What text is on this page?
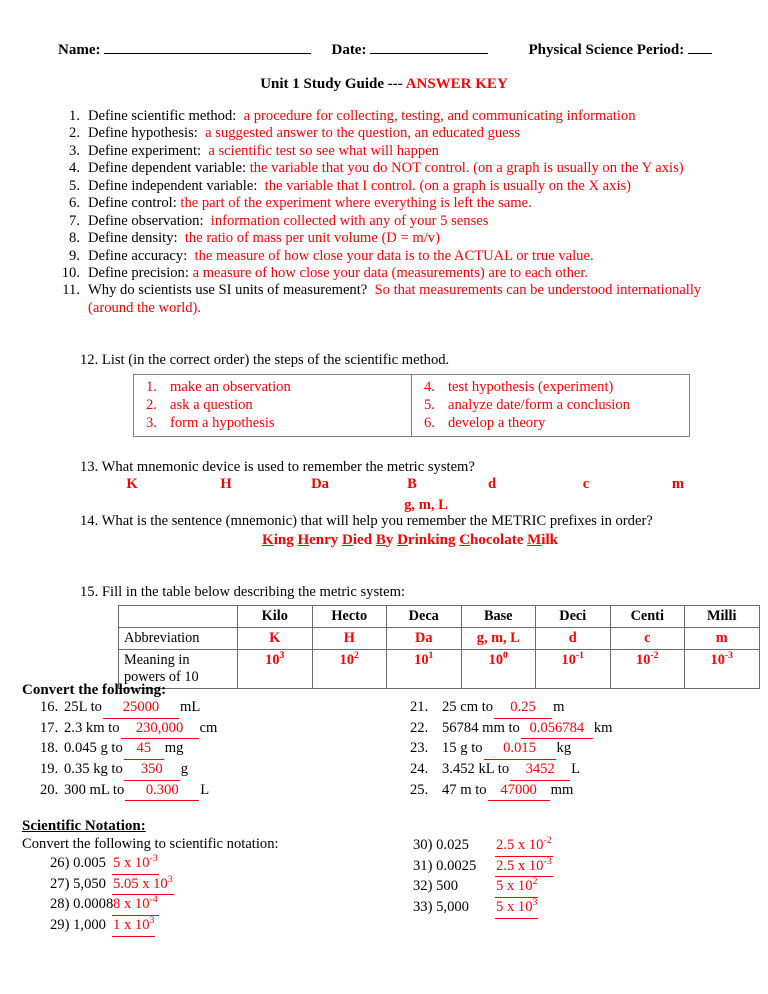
Name:	Date:	Physical Science Period:
Unit 1 Study Guide --- ANSWER KEY
1. Define scientific method: a procedure for collecting, testing, and communicating information
2. Define hypothesis: a suggested answer to the question, an educated guess
3. Define experiment: a scientific test so see what will happen
4. Define dependent variable: the variable that you do NOT control. (on a graph is usually on the Y axis)
5. Define independent variable: the variable that I control. (on a graph is usually on the X axis)
6. Define control: the part of the experiment where everything is left the same.
7. Define observation: information collected with any of your 5 senses
8. Define density: the ratio of mass per unit volume (D = m/v)
9. Define accuracy: the measure of how close your data is to the ACTUAL or true value.
10. Define precision: a measure of how close your data (measurements) are to each other.
11. Why do scientists use SI units of measurement? So that measurements can be understood internationally (around the world).
12. List (in the correct order) the steps of the scientific method.
1. make an observation
2. ask a question
3. form a hypothesis

4. test hypothesis (experiment)
5. analyze date/form a conclusion
6. develop a theory
13. What mnemonic device is used to remember the metric system?
K	H	Da	B	d	c	m
g, m, L
14. What is the sentence (mnemonic) that will help you remember the METRIC prefixes in order?
King Henry Died By Drinking Chocolate Milk
15. Fill in the table below describing the metric system:
	Kilo	Hecto	Deca	Base	Deci	Centi	Milli
Abbreviation	K	H	Da	g, m, L	d	c	m
Meaning in powers of 10	$10^3$	$10^2$	$10^1$	$10^0$	$10^{-1}$	$10^{-2}$	$10^{-3}$
Convert the following:
16. 25L to	25000	mL
17. 2.3 km to	230,000	cm
18. 0.045 g to 45 mg
19. 0.35 kg to	350	g
20. 300 mL to	0.300	L
21. 25 cm to	0.25	m
22. 56784 mm to 0.056784 km
23. 15 g to	0.015	kg
24. 3.452 kL to	3452	L
25. 47 m to 47000 mm
Scientific Notation:
Convert the following to scientific notation:
26) 0.005 5 x $10^{-3}$
27) 5,050 5.05 x $10^3$
28) 0.0008 8 x $10^{-4}$
29) 1,000 1 x $10^3$
30) 0.025	2.5 x $10^{-2}$
31) 0.0025	2.5 x $10^{-3}$
32) 500	5 x $10^2$
33) 5,000	5 x $10^3$
